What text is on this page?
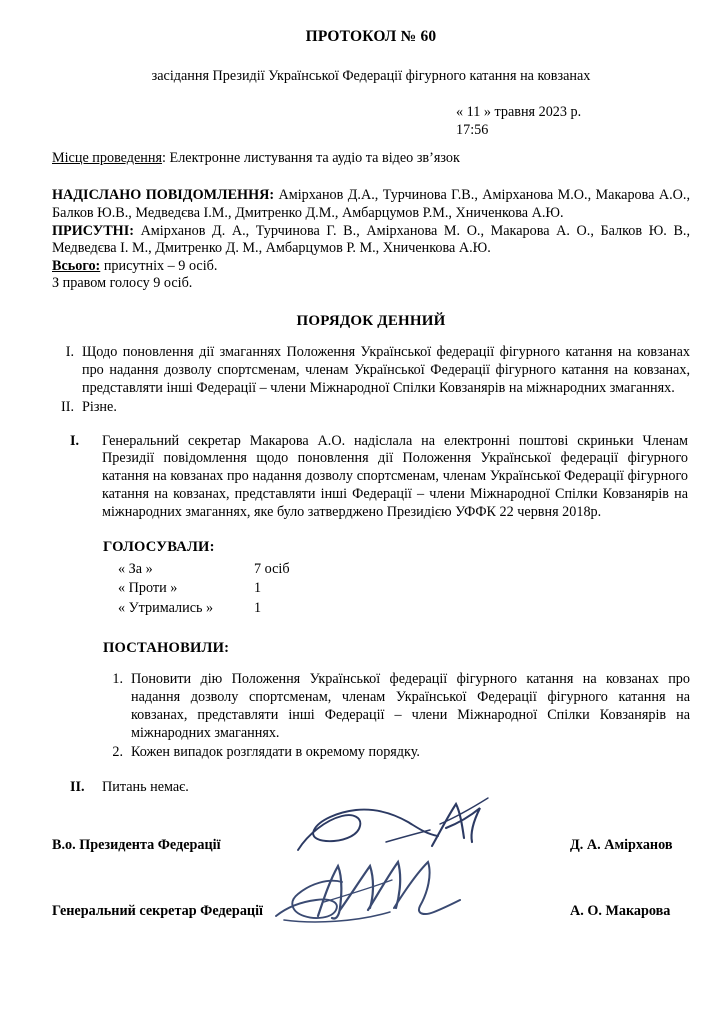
ПРОТОКОЛ № 60
засідання Президії Української Федерації фігурного катання на ковзанах
« 11 » травня 2023 р.
17:56
Місце проведення: Електронне листування та аудіо та відео зв’язок
НАДІСЛАНО ПОВІДОМЛЕННЯ: Амірханов Д.А., Турчинова Г.В., Амірханова М.О., Макарова А.О., Балков Ю.В., Медведєва І.М., Дмитренко Д.М., Амбарцумов Р.М., Хниченкова А.Ю.
ПРИСУТНІ: Амірханов Д. А., Турчинова Г. В., Амірханова М. О., Макарова А. О., Балков Ю. В., Медведєва І. М., Дмитренко Д. М., Амбарцумов Р. М., Хниченкова А.Ю.
Всього: присутніх – 9 осіб.
З правом голосу 9 осіб.
ПОРЯДОК ДЕННИЙ
I. Щодо поновлення дії змаганнях Положення Української федерації фігурного катання на ковзанах про надання дозволу спортсменам, членам Української Федерації фігурного катання на ковзанах, представляти інші Федерації – члени Міжнародної Спілки Ковзанярів на міжнародних змаганнях.
II. Різне.
I.	Генеральний секретар Макарова А.О. надіслала на електронні поштові скриньки Членам Президії повідомлення щодо поновлення дії Положення Української федерації фігурного катання на ковзанах про надання дозволу спортсменам, членам Української Федерації фігурного катання на ковзанах, представляти інші Федерації – члени Міжнародної Спілки Ковзанярів на міжнародних змаганнях, яке було затверджено Президією УФФК 22 червня 2018р.
ГОЛОСУВАЛИ:
« За »	7 осіб
« Проти »	1
« Утримались »	1
ПОСТАНОВИЛИ:
1. Поновити дію Положення Української федерації фігурного катання на ковзанах про надання дозволу спортсменам, членам Української Федерації фігурного катання на ковзанах, представляти інші Федерації – члени Міжнародної Спілки Ковзанярів на міжнародних змаганнях.
2. Кожен випадок розглядати в окремому порядку.
II.	Питань немає.
В.о. Президента Федерації	Д. А. Амірханов
Генеральний секретар Федерації	А. О. Макарова
